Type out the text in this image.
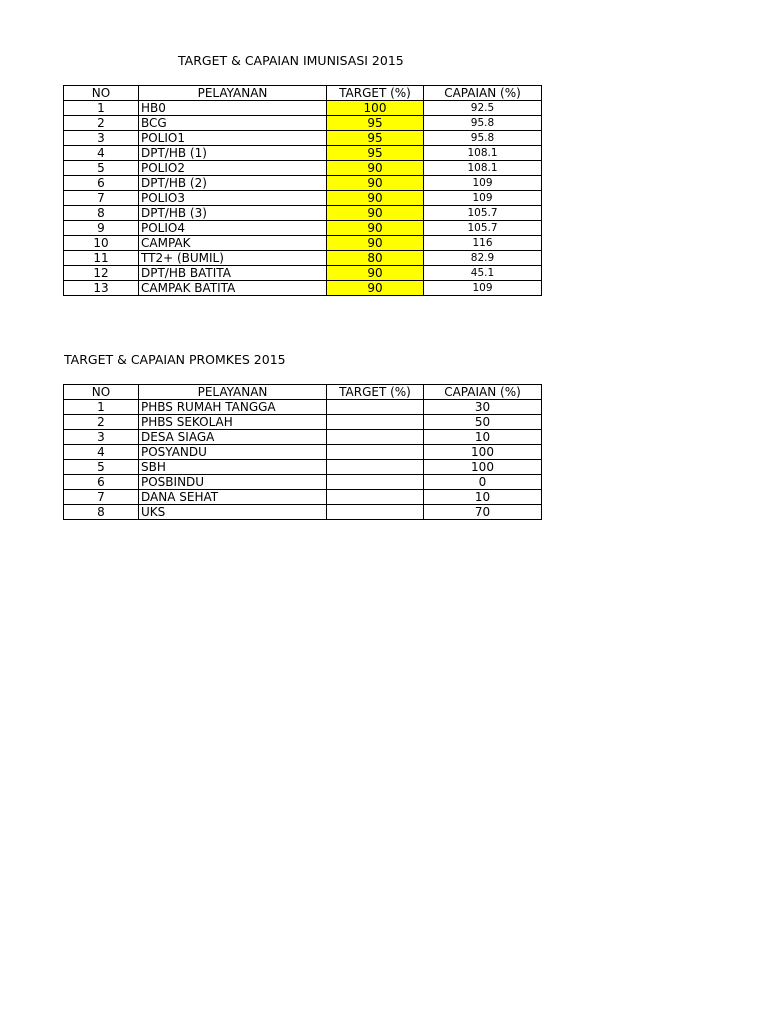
TARGET & CAPAIAN IMUNISASI 2015
NO	PELAYANAN	TARGET (%)	CAPAIAN (%)
1	HB0	100	92.5
2	BCG	95	95.8
3	POLIO1	95	95.8
4	DPT/HB (1)	95	108.1
5	POLIO2	90	108.1
6	DPT/HB (2)	90	109
7	POLIO3	90	109
8	DPT/HB (3)	90	105.7
9	POLIO4	90	105.7
10	CAMPAK	90	116
11	TT2+ (BUMIL)	80	82.9
12	DPT/HB BATITA	90	45.1
13	CAMPAK BATITA	90	109
TARGET & CAPAIAN PROMKES 2015
NO	PELAYANAN	TARGET (%)	CAPAIAN (%)
1	PHBS RUMAH TANGGA		30
2	PHBS SEKOLAH		50
3	DESA SIAGA		10
4	POSYANDU		100
5	SBH		100
6	POSBINDU		0
7	DANA SEHAT		10
8	UKS		70
